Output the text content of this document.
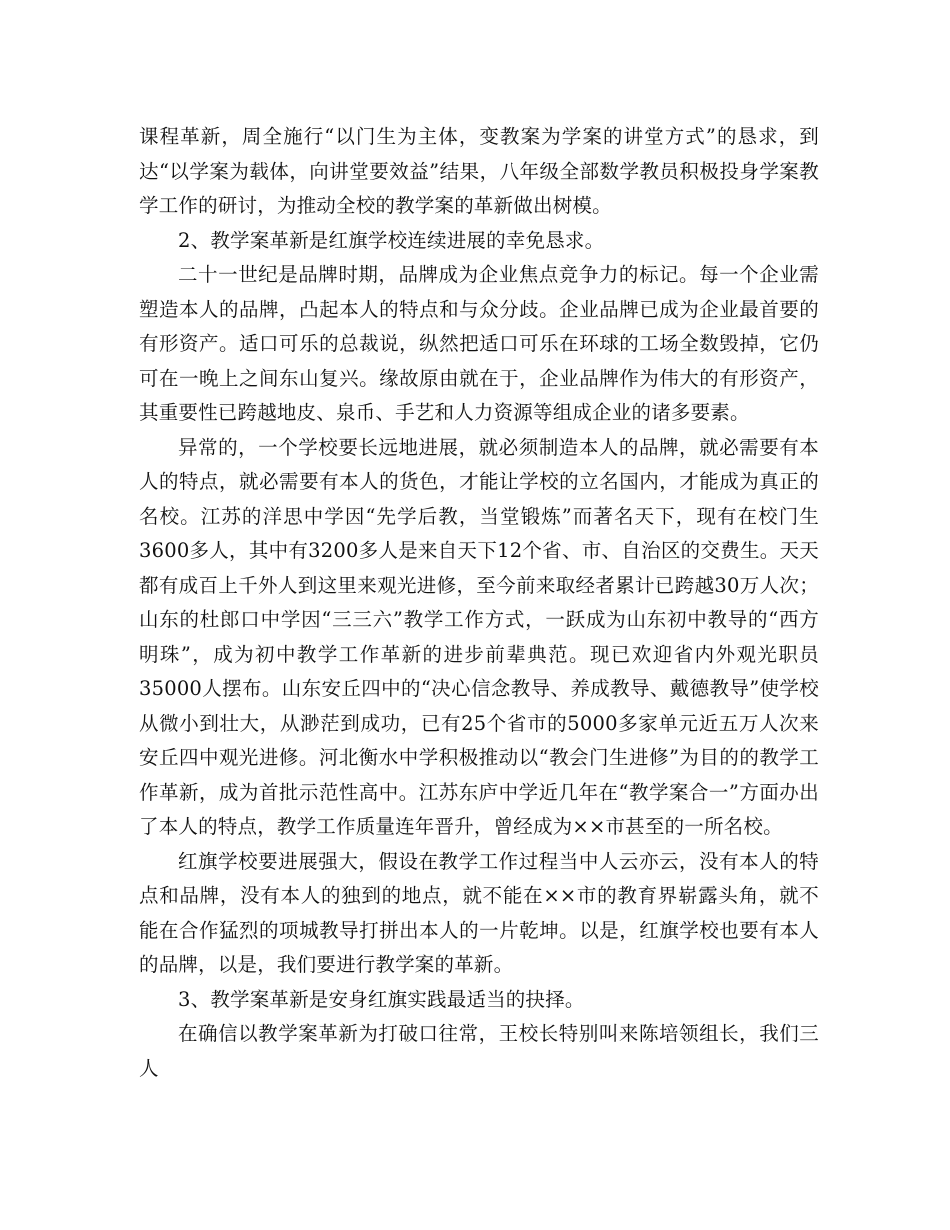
课程革新，周全施行“以门生为主体，变教案为学案的讲堂方式”的恳求，到达“以学案为载体，向讲堂要效益”结果，八年级全部数学教员积极投身学案教学工作的研讨，为推动全校的教学案的革新做出树模。

2、教学案革新是红旗学校连续进展的幸免恳求。

二十一世纪是品牌时期，品牌成为企业焦点竞争力的标记。每一个企业需塑造本人的品牌，凸起本人的特点和与众分歧。企业品牌已成为企业最首要的有形资产。适口可乐的总裁说，纵然把适口可乐在环球的工场全数毁掉，它仍可在一晚上之间东山复兴。缘故原由就在于，企业品牌作为伟大的有形资产，其重要性已跨越地皮、泉币、手艺和人力资源等组成企业的诸多要素。

异常的，一个学校要长远地进展，就必须制造本人的品牌，就必需要有本人的特点，就必需要有本人的货色，才能让学校的立名国内，才能成为真正的名校。江苏的洋思中学因“先学后教，当堂锻炼”而著名天下，现有在校门生3600多人，其中有3200多人是来自天下12个省、市、自治区的交费生。天天都有成百上千外人到这里来观光进修，至今前来取经者累计已跨越30万人次；山东的杜郎口中学因“三三六”教学工作方式，一跃成为山东初中教导的“西方明珠”，成为初中教学工作革新的进步前辈典范。现已欢迎省内外观光职员35000人摆布。山东安丘四中的“决心信念教导、养成教导、戴德教导”使学校从微小到壮大，从渺茫到成功，已有25个省市的5000多家单元近五万人次来安丘四中观光进修。河北衡水中学积极推动以“教会门生进修”为目的的教学工作革新，成为首批示范性高中。江苏东庐中学近几年在“教学案合一”方面办出了本人的特点，教学工作质量连年晋升，曾经成为××市甚至的一所名校。

红旗学校要进展强大，假设在教学工作过程当中人云亦云，没有本人的特点和品牌，没有本人的独到的地点，就不能在××市的教育界崭露头角，就不能在合作猛烈的项城教导打拼出本人的一片乾坤。以是，红旗学校也要有本人的品牌，以是，我们要进行教学案的革新。

3、教学案革新是安身红旗实践最适当的抉择。

在确信以教学案革新为打破口往常，王校长特别叫来陈培领组长，我们三人
